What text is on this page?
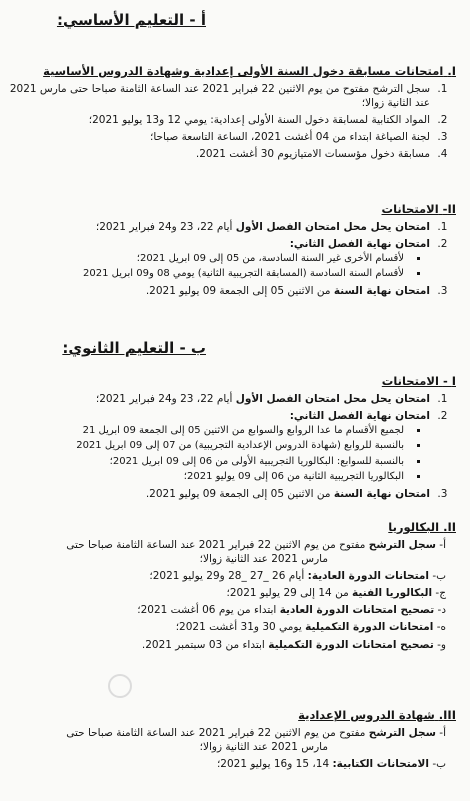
أ - التعليم الأساسي:
I. امتحانات مسابقة دخول السنة الأولى إعدادية وشهادة الدروس الأساسية
1. سجل الترشح مفتوح من يوم الاثنين 22 فبراير 2021 عند الساعة الثامنة صباحا حتى مارس 2021 عند الثانية زوالا؛
2. المواد الكتابية لمسابقة دخول السنة الأولى إعدادية: يومي 12 و13 يوليو 2021؛
3. لجنة الصياغة ابتداء من 04 أغشت 2021، الساعة التاسعة صباحا؛
4. مسابقة دخول مؤسسات الامتيازيوم 30 أغشت 2021.
II- الامتحانات
1. امتحان يحل محل امتحان الفصل الأول أيام 22، 23 و24 فبراير 2021؛
2. امتحان نهاية الفصل الثاني:
▪ لأقسام الأخرى غير السنة السادسة، من 05 إلى 09 ابريل 2021؛
▪ لأقسام السنة السادسة (المسابقة التجريبية الثانية) يومي 08 و09 ابريل 2021
3. امتحان نهاية السنة من الاثنين 05 إلى الجمعة 09 يوليو 2021.
ب - التعليم الثانوي:
I - الامتحانات
1. امتحان يحل محل امتحان الفصل الأول أيام 22، 23 و24 فبراير 2021؛
2. امتحان نهاية الفصل الثاني:
▪ لجميع الأقسام ما عدا الروابع والسوابع من الاثنين 05 إلى الجمعة 09 ابريل 21
▪ بالنسبة للروابع (شهادة الدروس الإعدادية التجريبية) من 07 إلى 09 ابريل 2021
▪ بالنسبة للسوابع: البكالوريا التجريبية الأولى من 06 إلى 09 ابريل 2021؛
▪ البكالوريا التجريبية الثانية من 06 إلى 09 يوليو 2021؛
3. امتحان نهاية السنة من الاثنين 05 إلى الجمعة 09 يوليو 2021.
II. البكالوريا
أ- سجل الترشح مفتوح من يوم الاثنين 22 فبراير 2021 عند الساعة الثامنة صباحا حتى
مارس 2021 عند الثانية زوالا؛
ب- امتحانات الدورة العادية: أيام 26 _27 _28 و29 يوليو 2021؛
ج- البكالوريا الفنية من 14 إلى 29 يوليو 2021؛
د- تصحيح امتحانات الدورة العادية ابتداء من يوم 06 أغشت 2021؛
ه- امتحانات الدورة التكميلية يومي 30 و31 أغشت 2021؛
و- تصحيح امتحانات الدورة التكميلية ابتداء من 03 سبتمبر 2021.
III. شهادة الدروس الإعدادية
أ- سجل الترشح مفتوح من يوم الاثنين 22 فبراير 2021 عند الساعة الثامنة صباحا حتى
مارس 2021 عند الثانية زوالا؛
ب- الامتحانات الكتابية: 14، 15 و16 يوليو 2021؛
